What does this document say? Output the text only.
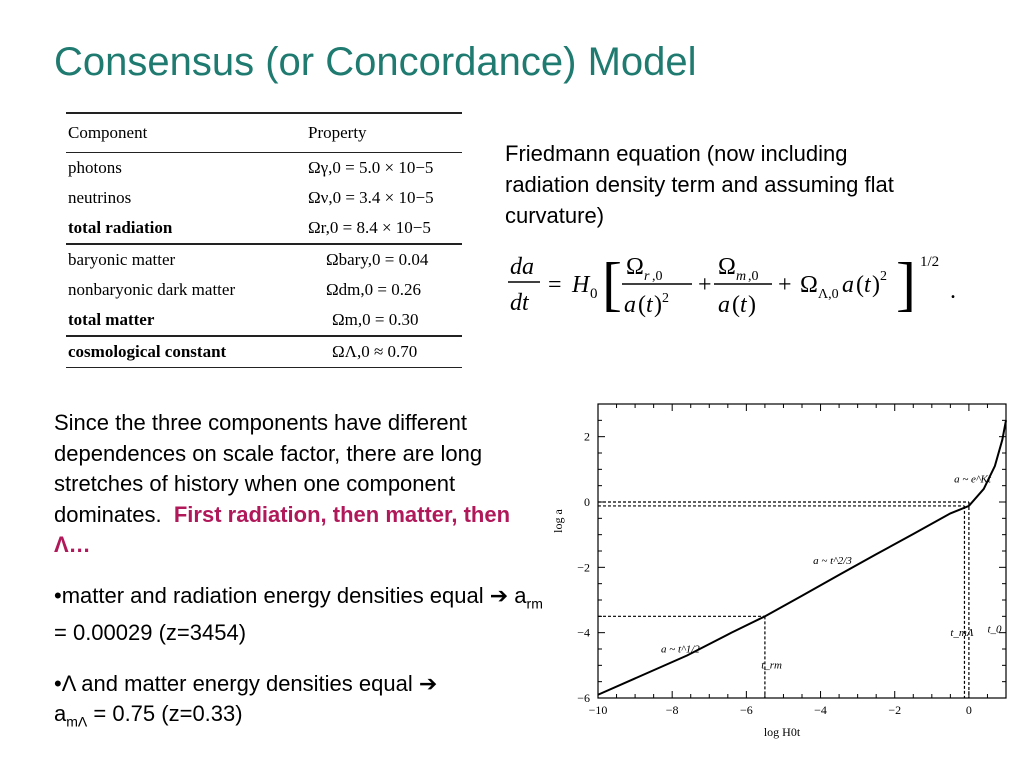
Consensus (or Concordance) Model
Component	Property
photons	Ωγ,0 = 5.0 × 10−5
neutrinos	Ων,0 = 3.4 × 10−5
total radiation	Ωr,0 = 8.4 × 10−5
baryonic matter	Ωbary,0 = 0.04
nonbaryonic dark matter	Ωdm,0 = 0.26
total matter	Ωm,0 = 0.30
cosmological constant	ΩΛ,0 ≈ 0.70
Friedmann equation (now including radiation density term and assuming flat curvature)
da
dt
= H 0 [ Ω r ,0
a ( t ) 2
+
Ω m ,0
a ( t )
+ Ω Λ,0 a ( t ) 2 ] 1/2
.

Since the three components have different dependences on scale factor, there are long stretches of history when one component dominates. First radiation, then matter, then Λ…

•matter and radiation energy densities equal ➔ $a_{rm} = 0.00029$ (z=3454)

•Λ and matter energy densities equal ➔
$a_{m\Lambda} = 0.75$ (z=0.33)	−10	−8	−6	−4	−2	0
−6
−4
−2
0
2
log H0t
log a
a ~ t^1/2
a ~ t^2/3
a ~ e^Kt
t_rm
t_mΛ t_0
